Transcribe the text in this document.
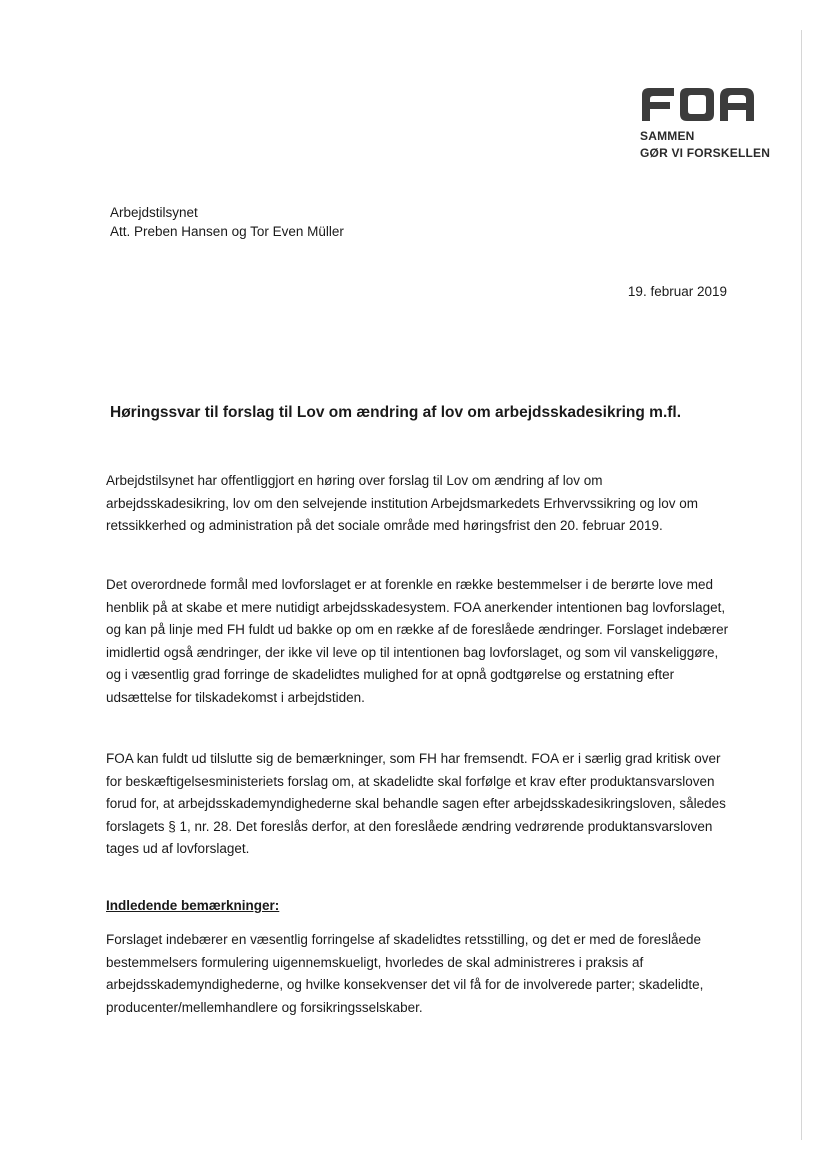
SAMMEN
GØR VI FORSKELLEN
Arbejdstilsynet
Att. Preben Hansen og Tor Even Müller
19. februar 2019
Høringssvar til forslag til Lov om ændring af lov om arbejdsskadesikring m.fl.

Arbejdstilsynet har offentliggjort en høring over forslag til Lov om ændring af lov om
arbejdsskadesikring, lov om den selvejende institution Arbejdsmarkedets Erhvervssikring og lov om
retssikkerhed og administration på det sociale område med høringsfrist den 20. februar 2019.

Det overordnede formål med lovforslaget er at forenkle en række bestemmelser i de berørte love med
henblik på at skabe et mere nutidigt arbejdsskadesystem. FOA anerkender intentionen bag lovforslaget,
og kan på linje med FH fuldt ud bakke op om en række af de foreslåede ændringer. Forslaget indebærer
imidlertid også ændringer, der ikke vil leve op til intentionen bag lovforslaget, og som vil vanskeliggøre,
og i væsentlig grad forringe de skadelidtes mulighed for at opnå godtgørelse og erstatning efter
udsættelse for tilskadekomst i arbejdstiden.

FOA kan fuldt ud tilslutte sig de bemærkninger, som FH har fremsendt. FOA er i særlig grad kritisk over
for beskæftigelsesministeriets forslag om, at skadelidte skal forfølge et krav efter produktansvarsloven
forud for, at arbejdsskademyndighederne skal behandle sagen efter arbejdsskadesikringsloven, således
forslagets § 1, nr. 28. Det foreslås derfor, at den foreslåede ændring vedrørende produktansvarsloven
tages ud af lovforslaget.

Indledende bemærkninger:

Forslaget indebærer en væsentlig forringelse af skadelidtes retsstilling, og det er med de foreslåede
bestemmelsers formulering uigennemskueligt, hvorledes de skal administreres i praksis af
arbejdsskademyndighederne, og hvilke konsekvenser det vil få for de involverede parter; skadelidte,
producenter/mellemhandlere og forsikringsselskaber.
